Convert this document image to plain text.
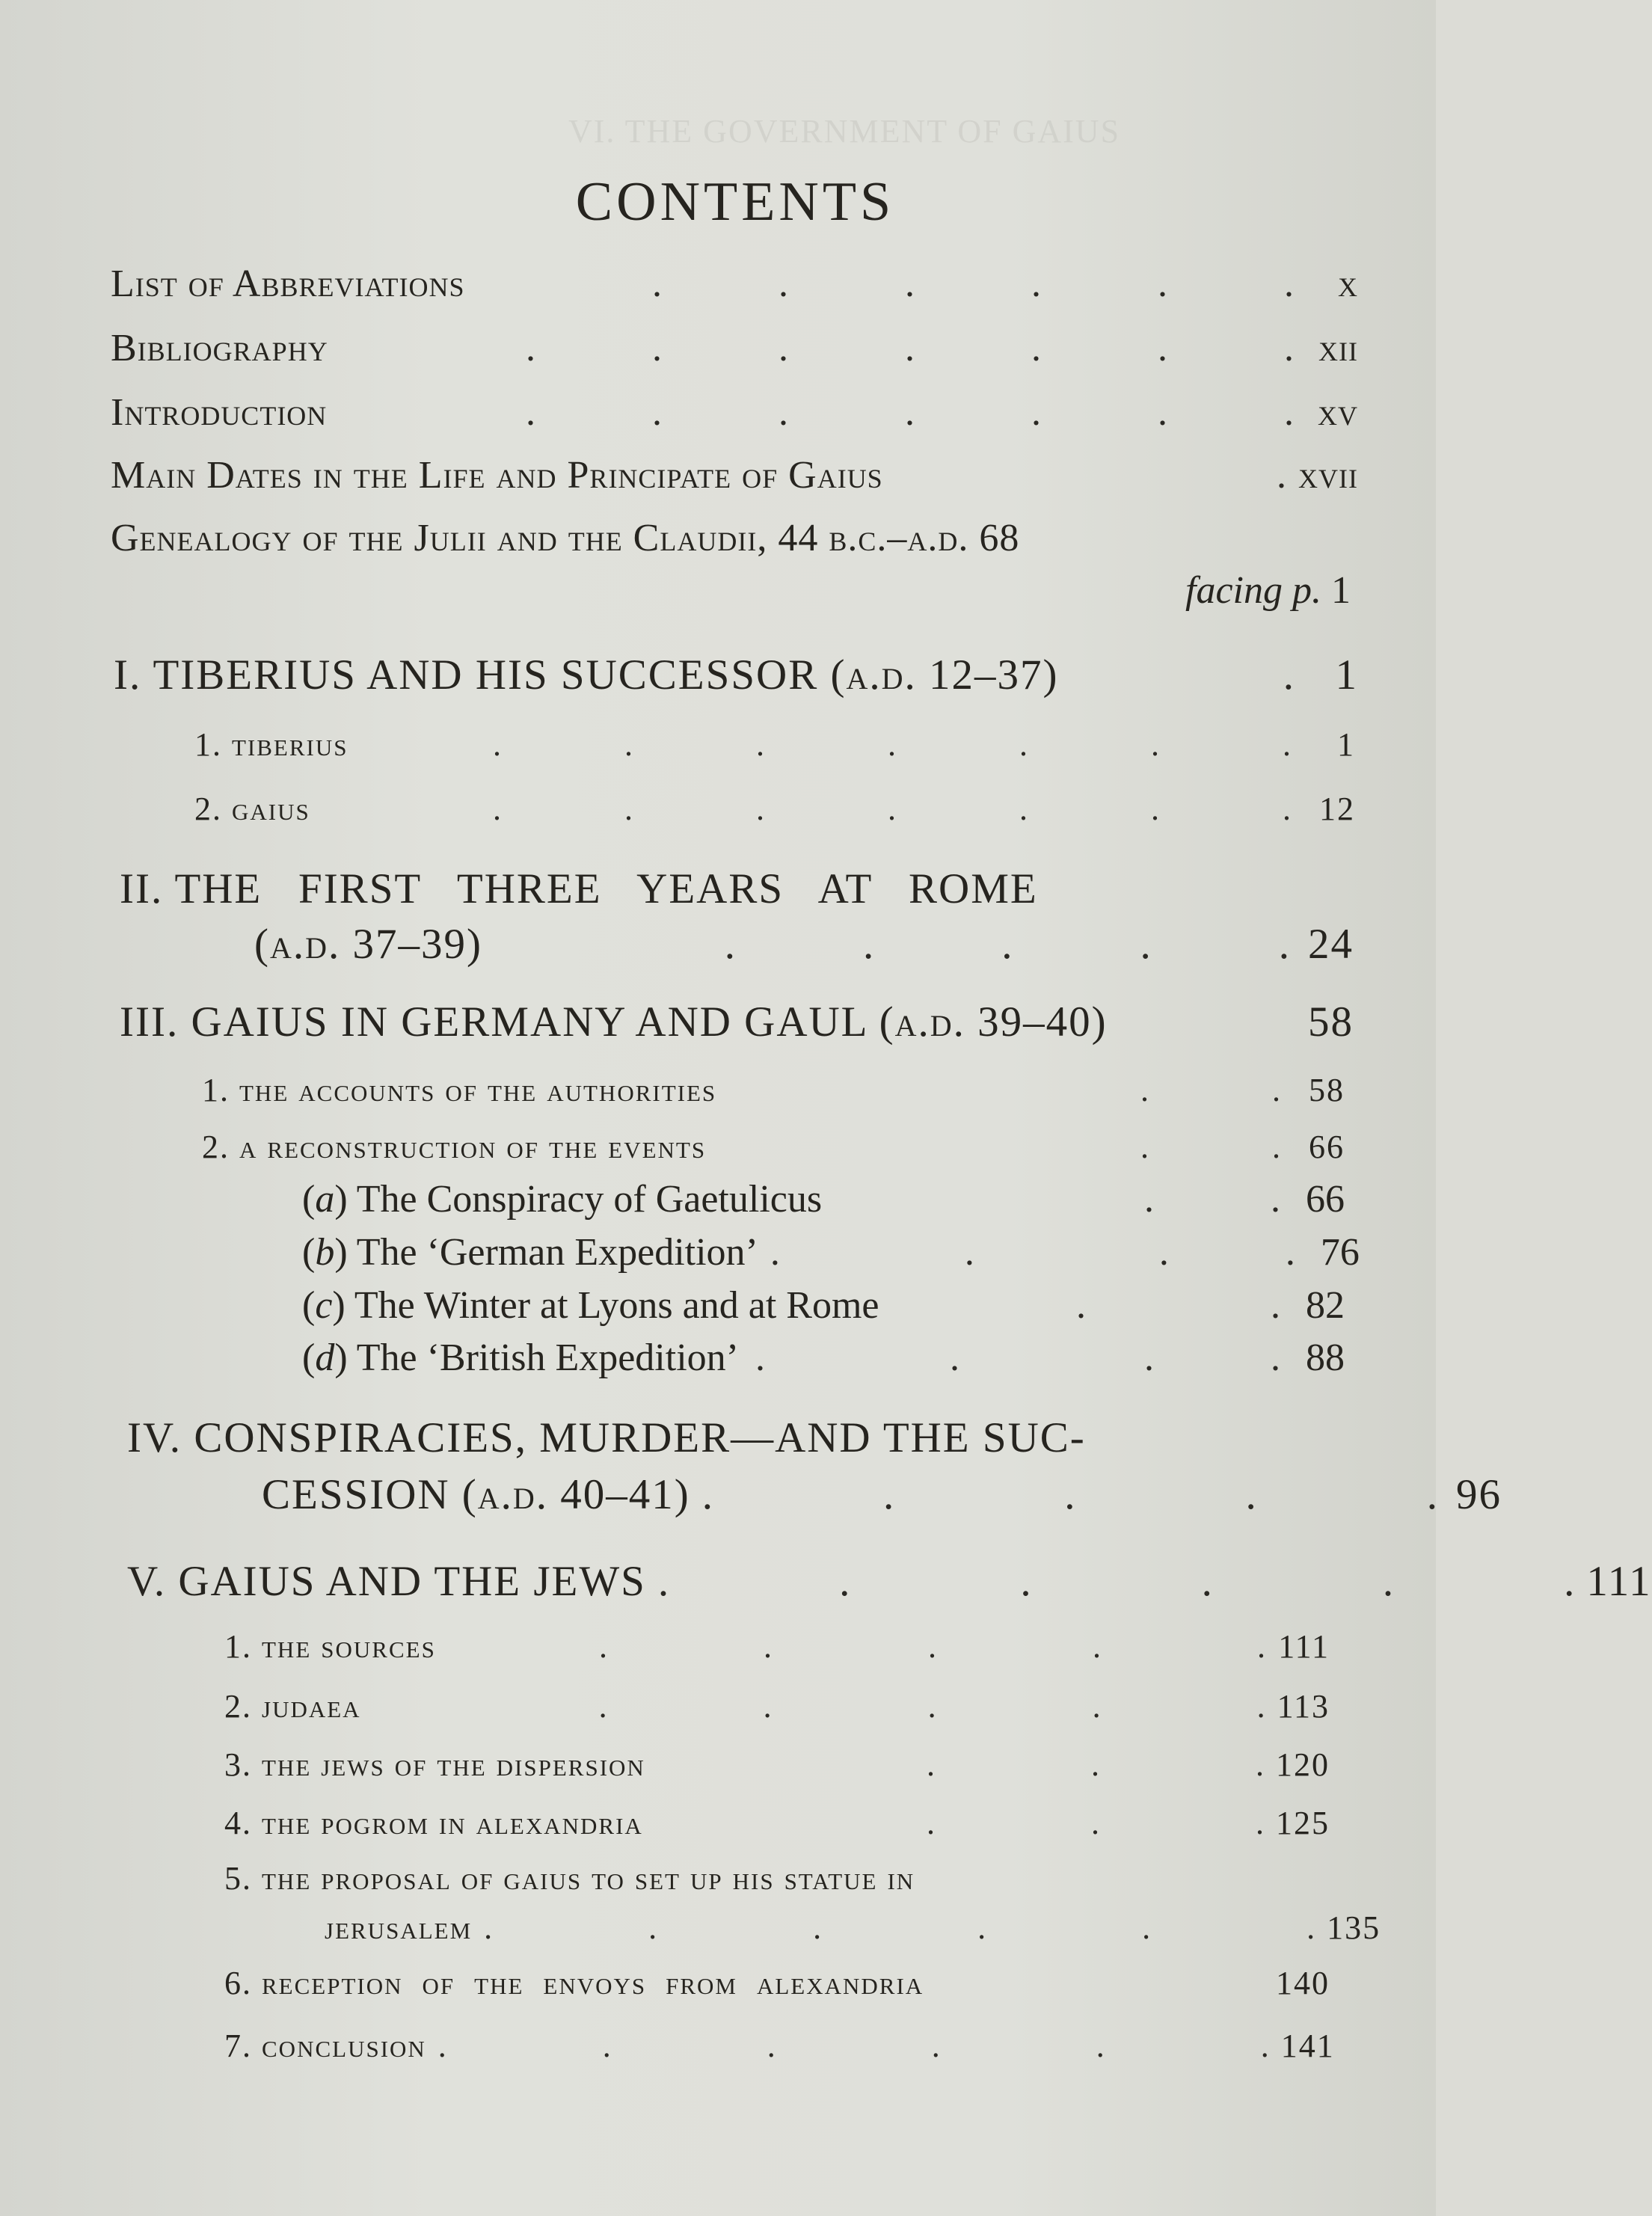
VI. THE GOVERNMENT OF GAIUS
CONTENTS
List of Abbreviations	.            .            .            .            .            .	x
Bibliography	.            .            .            .            .            .            . xii
Introduction	.            .            .            .            .            .            . xv
Main Dates in the Life and Principate of Gaius	. xvii
Genealogy of the Julii and the Claudii, 44 b.c.–a.d. 68
facing p. 1
I. TIBERIUS AND HIS SUCCESSOR (a.d. 12–37)	. 1
1. tiberius	.               .               .               .               .               .               .	1
2. gaius	.               .               .               .               .               .               . 12
II. THE   FIRST   THREE   YEARS   AT   ROME
(a.d. 37–39)	.            .            .            .            . 24
III. GAIUS IN GERMANY AND GAUL (a.d. 39–40)	58
1. the accounts of the authorities	.               . 58
2. a reconstruction of the events	.               . 66
(a) The Conspiracy of Gaetulicus	.            . 66
(b) The ‘German Expedition’ .                   .                   .            . 76
(c) The Winter at Lyons and at Rome	.                   . 82
(d) The ‘British Expedition’ .                   .                   .            . 88
IV. CONSPIRACIES, MURDER—AND THE SUC-
CESSION (a.d. 40–41) .                .                .                .                . 96
V. GAIUS AND THE JEWS .                .                .                .                .                . 111
1. the sources	.                   .                   .                   .                   . 111
2. judaea	.                   .                   .                   .                   . 113
3. the jews of the dispersion	.                   .                   . 120
4. the pogrom in alexandria	.                   .                   . 125
5. the proposal of gaius to set up his statue in
jerusalem .                   .                   .                   .                   .                   . 135
6. reception  of  the  envoys  from  alexandria	140
7. conclusion .                   .                   .                   .                   .                   . 141
